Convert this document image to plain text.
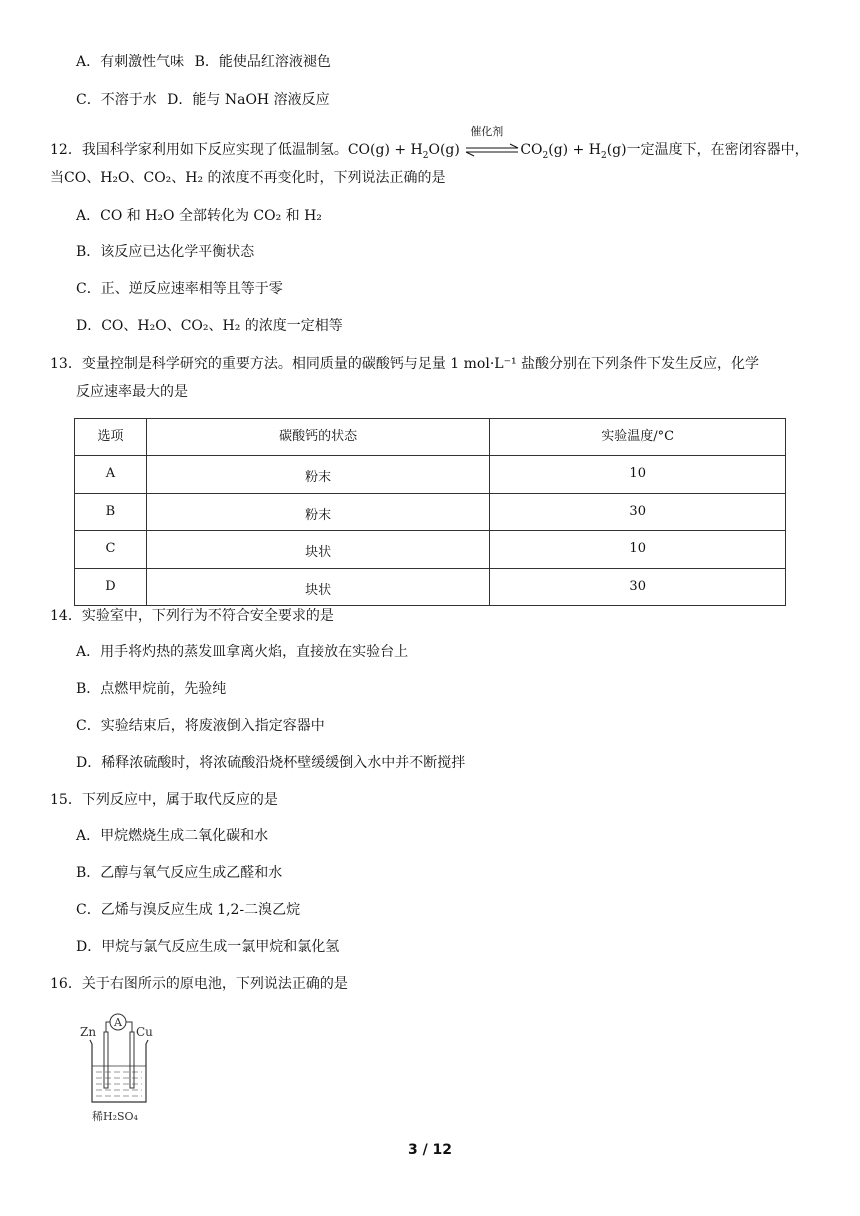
A．有刺激性气味 B．能使品红溶液褪色
C．不溶于水 D．能与 NaOH 溶液反应
12．我国科学家利用如下反应实现了低温制氢。$CO(g) + H_2O(g)$
催化剂
$CO_2(g) + H_2(g)$一定温度下，在密闭容器中，
当CO、H₂O、CO₂、H₂ 的浓度不再变化时，下列说法正确的是
A．CO 和 H₂O 全部转化为 CO₂ 和 H₂
B．该反应已达化学平衡状态
C．正、逆反应速率相等且等于零
D．CO、H₂O、CO₂、H₂ 的浓度一定相等
13．变量控制是科学研究的重要方法。相同质量的碳酸钙与足量 1 mol·L⁻¹ 盐酸分别在下列条件下发生反应，化学
反应速率最大的是
选项	碳酸钙的状态	实验温度/°C
A	粉末	10
B	粉末	30
C	块状	10
D	块状	30
14．实验室中，下列行为不符合安全要求的是
A．用手将灼热的蒸发皿拿离火焰，直接放在实验台上
B．点燃甲烷前，先验纯
C．实验结束后，将废液倒入指定容器中
D．稀释浓硫酸时，将浓硫酸沿烧杯壁缓缓倒入水中并不断搅拌
15．下列反应中，属于取代反应的是
A．甲烷燃烧生成二氧化碳和水
B．乙醇与氧气反应生成乙醛和水
C．乙烯与溴反应生成 1,2-二溴乙烷
D．甲烷与氯气反应生成一氯甲烷和氯化氢
16．关于右图所示的原电池，下列说法正确的是
A
Zn	Cu
稀H₂SO₄
3 / 12
